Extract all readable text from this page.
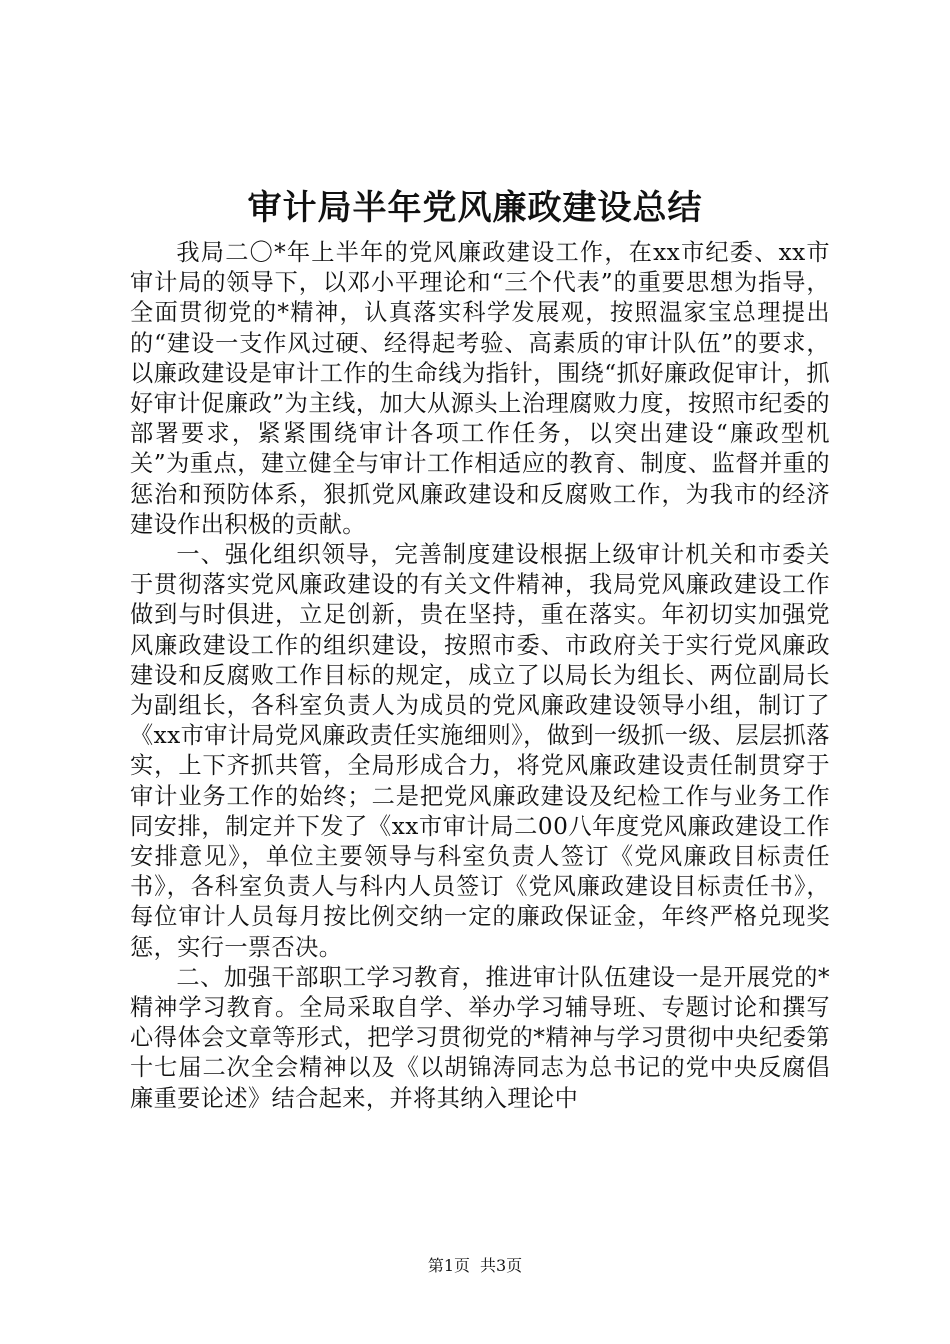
审计局半年党风廉政建设总结

我局二〇*年上半年的党风廉政建设工作，在xx市纪委、xx市审计局的领导下，以邓小平理论和“三个代表”的重要思想为指导，全面贯彻党的*精神，认真落实科学发展观，按照温家宝总理提出的“建设一支作风过硬、经得起考验、高素质的审计队伍”的要求，以廉政建设是审计工作的生命线为指针，围绕“抓好廉政促审计，抓好审计促廉政”为主线，加大从源头上治理腐败力度，按照市纪委的部署要求，紧紧围绕审计各项工作任务，以突出建设“廉政型机关”为重点，建立健全与审计工作相适应的教育、制度、监督并重的惩治和预防体系，狠抓党风廉政建设和反腐败工作，为我市的经济建设作出积极的贡献。

一、强化组织领导，完善制度建设根据上级审计机关和市委关于贯彻落实党风廉政建设的有关文件精神，我局党风廉政建设工作做到与时俱进，立足创新，贵在坚持，重在落实。年初切实加强党风廉政建设工作的组织建设，按照市委、市政府关于实行党风廉政建设和反腐败工作目标的规定，成立了以局长为组长、两位副局长为副组长，各科室负责人为成员的党风廉政建设领导小组，制订了《xx市审计局党风廉政责任实施细则》，做到一级抓一级、层层抓落实，上下齐抓共管，全局形成合力，将党风廉政建设责任制贯穿于审计业务工作的始终；二是把党风廉政建设及纪检工作与业务工作同安排，制定并下发了《xx市审计局二00八年度党风廉政建设工作安排意见》，单位主要领导与科室负责人签订《党风廉政目标责任书》，各科室负责人与科内人员签订《党风廉政建设目标责任书》，每位审计人员每月按比例交纳一定的廉政保证金，年终严格兑现奖惩，实行一票否决。

二、加强干部职工学习教育，推进审计队伍建设一是开展党的*精神学习教育。全局采取自学、举办学习辅导班、专题讨论和撰写心得体会文章等形式，把学习贯彻党的*精神与学习贯彻中央纪委第十七届二次全会精神以及《以胡锦涛同志为总书记的党中央反腐倡廉重要论述》结合起来，并将其纳入理论中

第1页 共3页
